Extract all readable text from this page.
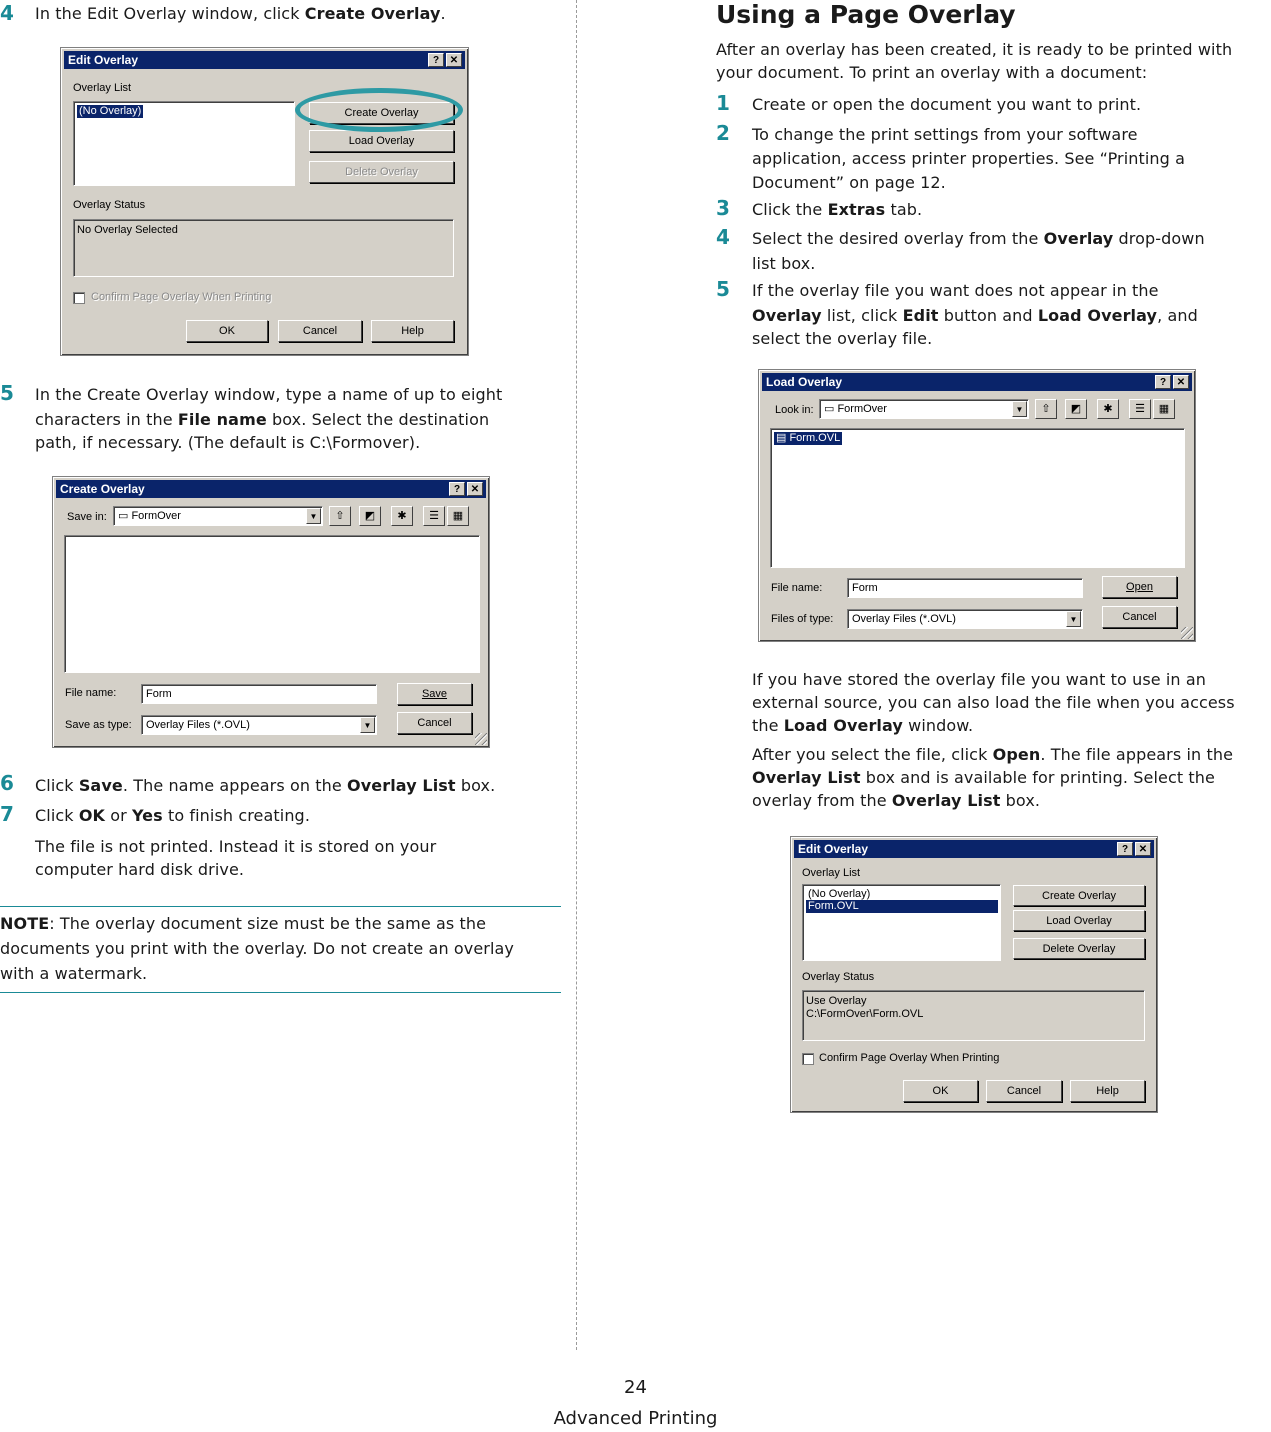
4 In the Edit Overlay window, click Create Overlay.
Edit Overlay	?	✕
Overlay List
(No Overlay)	Create Overlay
Load Overlay
Delete Overlay
Overlay Status
No Overlay Selected
Confirm Page Overlay When Printing
OK	Cancel	Help
5 In the Create Overlay window, type a name of up to eight
characters in the File name box. Select the destination
path, if necessary. (The default is C:\Formover).
Create Overlay	?	✕
Save in:	▭ FormOver	▼	⇧	◩	✱	☰	▦
File name:	Form
Save as type:	Overlay Files (*.OVL)	▼
Save
Cancel
6 Click Save. The name appears on the Overlay List box.
7 Click OK or Yes to finish creating.
The file is not printed. Instead it is stored on your
computer hard disk drive.
NOTE: The overlay document size must be the same as the
documents you print with the overlay. Do not create an overlay
with a watermark.
Using a Page Overlay
After an overlay has been created, it is ready to be printed with
your document. To print an overlay with a document:
1 Create or open the document you want to print.
2 To change the print settings from your software
application, access printer properties. See “Printing a
Document” on page 12.
3 Click the Extras tab.
4 Select the desired overlay from the Overlay drop-down
list box.
5 If the overlay file you want does not appear in the
Overlay list, click Edit button and Load Overlay, and
select the overlay file.
Load Overlay	?	✕
Look in: ▭ FormOver	▼	⇧	◩	✱	☰	▦
▤ Form.OVL
File name:	Form
Files of type:	Overlay Files (*.OVL)	▼
Open
Cancel
If you have stored the overlay file you want to use in an
external source, you can also load the file when you access
the Load Overlay window.
After you select the file, click Open. The file appears in the
Overlay List box and is available for printing. Select the
overlay from the Overlay List box.
Edit Overlay	?	✕
Overlay List
(No Overlay)
Form.OVL
Create Overlay
Load Overlay
Delete Overlay
Overlay Status
Use Overlay
C:\FormOver\Form.OVL
Confirm Page Overlay When Printing
OK	Cancel	Help
24
Advanced Printing
